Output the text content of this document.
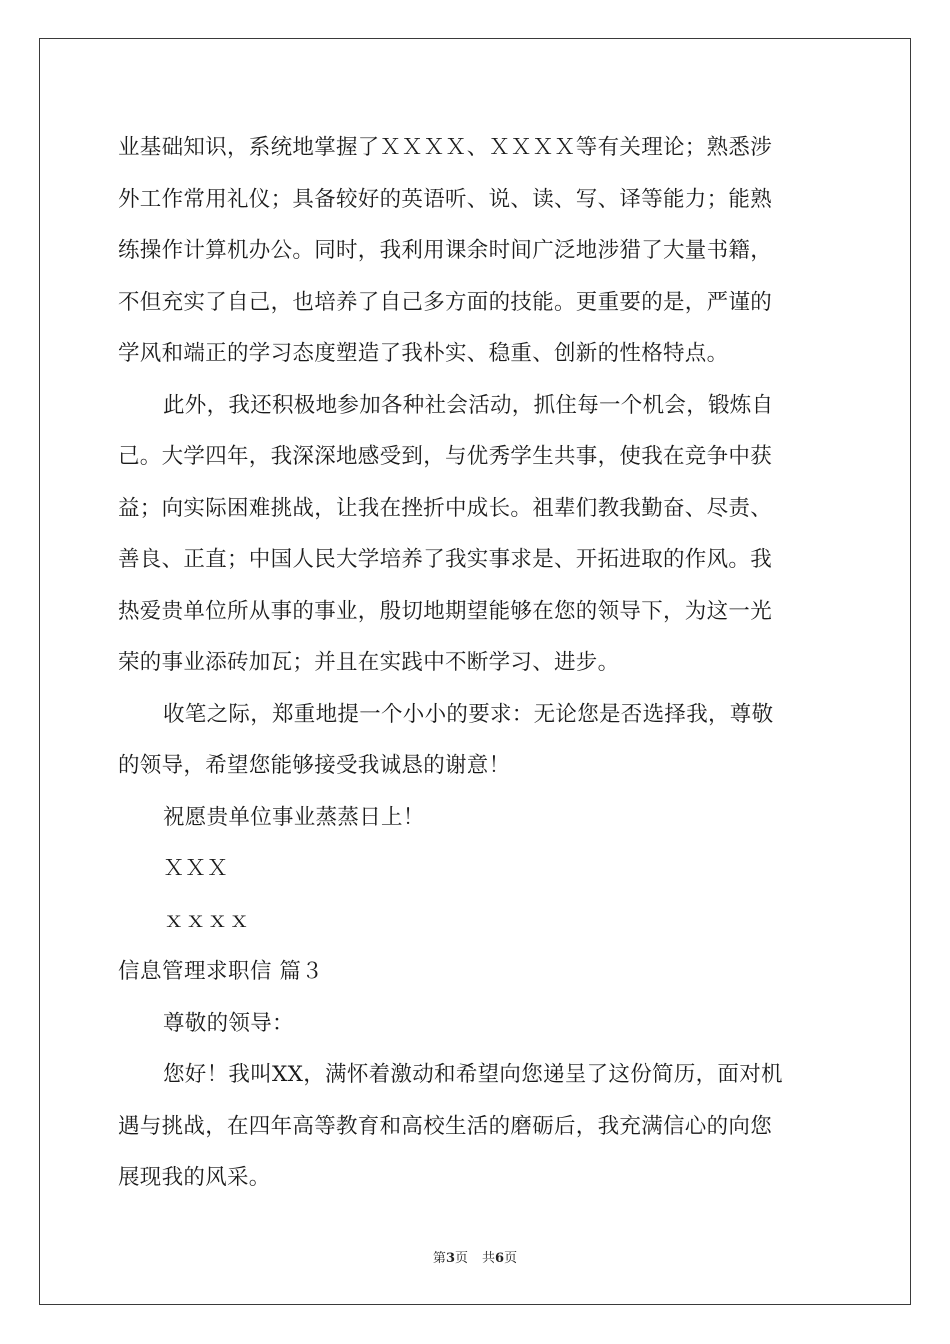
业基础知识，系统地掌握了ＸＸＸＸ、ＸＸＸＸ等有关理论；熟悉涉
外工作常用礼仪；具备较好的英语听、说、读、写、译等能力；能熟
练操作计算机办公。同时，我利用课余时间广泛地涉猎了大量书籍，
不但充实了自己，也培养了自己多方面的技能。更重要的是，严谨的
学风和端正的学习态度塑造了我朴实、稳重、创新的性格特点。
此外，我还积极地参加各种社会活动，抓住每一个机会，锻炼自
己。大学四年，我深深地感受到，与优秀学生共事，使我在竞争中获
益；向实际困难挑战，让我在挫折中成长。祖辈们教我勤奋、尽责、
善良、正直；中国人民大学培养了我实事求是、开拓进取的作风。我
热爱贵单位所从事的事业，殷切地期望能够在您的领导下，为这一光
荣的事业添砖加瓦；并且在实践中不断学习、进步。
收笔之际，郑重地提一个小小的要求：无论您是否选择我，尊敬
的领导，希望您能够接受我诚恳的谢意！
祝愿贵单位事业蒸蒸日上！
ＸＸＸ
ｘｘｘｘ
信息管理求职信 篇３
尊敬的领导：
您好！我叫XX，满怀着激动和希望向您递呈了这份简历，面对机
遇与挑战，在四年高等教育和高校生活的磨砺后，我充满信心的向您
展现我的风采。
第3页 共6页
